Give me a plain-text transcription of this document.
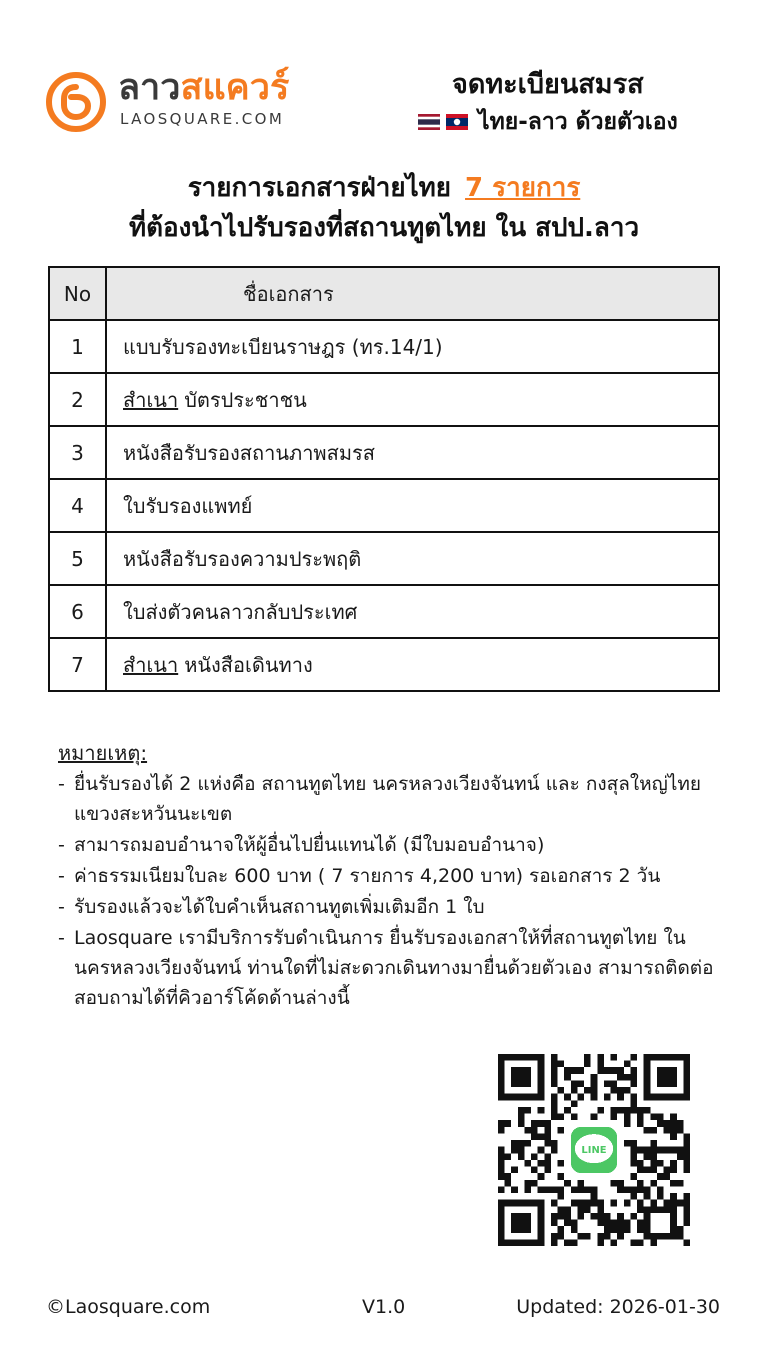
ลาวสแควร์
LAOSQUARE.COM
จดทะเบียนสมรส
ไทย-ลาว ด้วยตัวเอง
รายการเอกสารฝ่ายไทย 7 รายการ
ที่ต้องนำไปรับรองที่สถานทูตไทย ใน สปป.ลาว
No	ชื่อเอกสาร
1	แบบรับรองทะเบียนราษฎร (ทร.14/1)
2	สำเนา บัตรประชาชน
3	หนังสือรับรองสถานภาพสมรส
4	ใบรับรองแพทย์
5	หนังสือรับรองความประพฤติ
6	ใบส่งตัวคนลาวกลับประเทศ
7	สำเนา หนังสือเดินทาง
หมายเหตุ:
- ยื่นรับรองได้ 2 แห่งคือ สถานทูตไทย นครหลวงเวียงจันทน์ และ กงสุลใหญ่ไทย แขวงสะหวันนะเขต
- สามารถมอบอำนาจให้ผู้อื่นไปยื่นแทนได้ (มีใบมอบอำนาจ)
- ค่าธรรมเนียมใบละ 600 บาท ( 7 รายการ 4,200 บาท) รอเอกสาร 2 วัน
- รับรองแล้วจะได้ใบคำเห็นสถานทูตเพิ่มเติมอีก 1 ใบ
- Laosquare เรามีบริการรับดำเนินการ ยื่นรับรองเอกสาให้ที่สถานทูตไทย ในนครหลวงเวียงจันทน์ ท่านใดที่ไม่สะดวกเดินทางมายื่นด้วยตัวเอง สามารถติดต่อสอบถามได้ที่คิวอาร์โค้ดด้านล่างนี้
LINE
©Laosquare.com	V1.0	Updated: 2026-01-30
